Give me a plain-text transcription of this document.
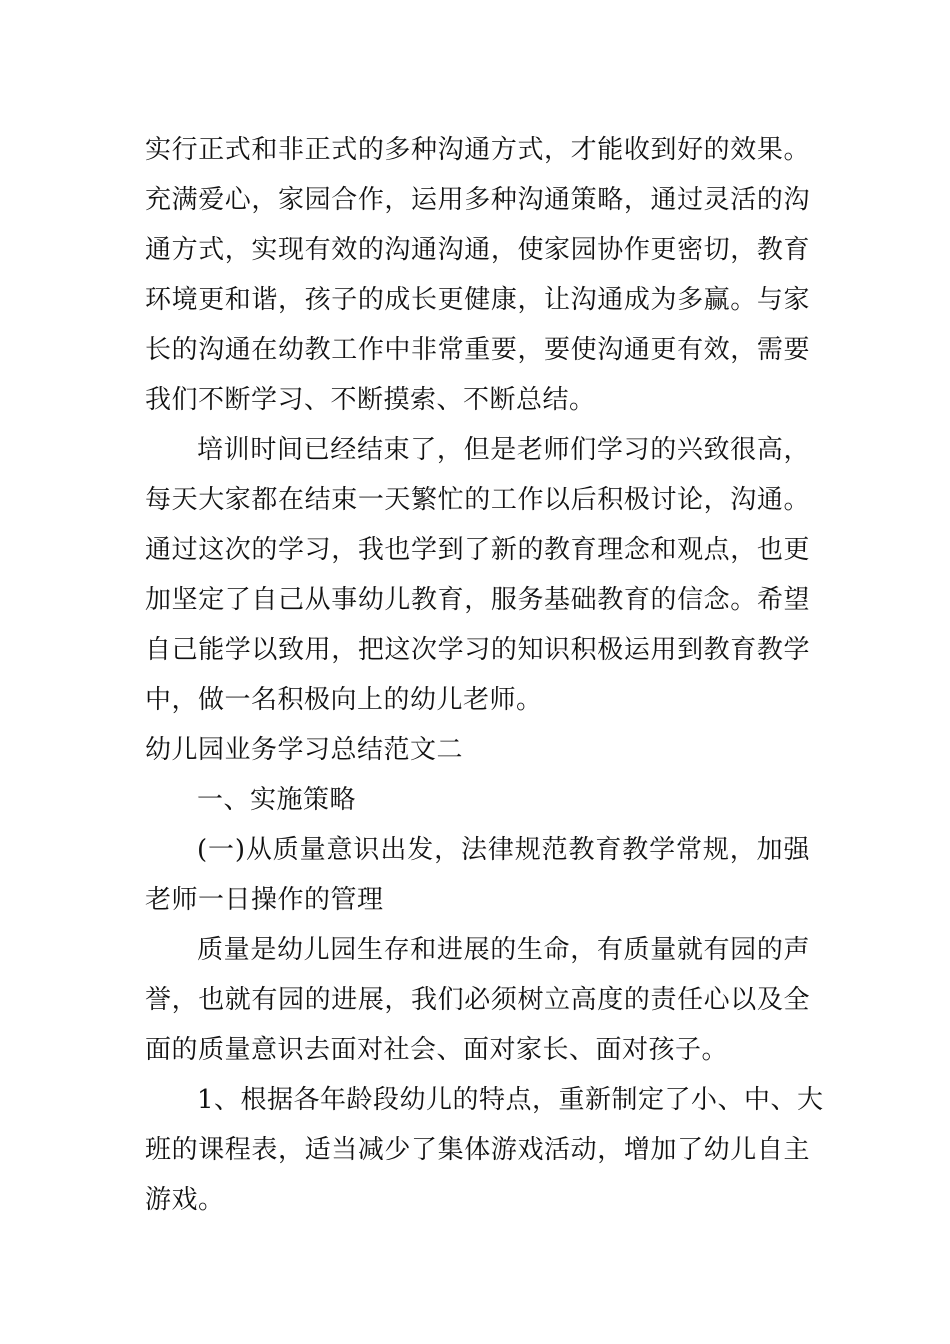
实行正式和非正式的多种沟通方式，才能收到好的效果。
充满爱心，家园合作，运用多种沟通策略，通过灵活的沟
通方式，实现有效的沟通沟通，使家园协作更密切，教育
环境更和谐，孩子的成长更健康，让沟通成为多赢。与家
长的沟通在幼教工作中非常重要，要使沟通更有效，需要
我们不断学习、不断摸索、不断总结。
培训时间已经结束了，但是老师们学习的兴致很高，
每天大家都在结束一天繁忙的工作以后积极讨论，沟通。
通过这次的学习，我也学到了新的教育理念和观点，也更
加坚定了自己从事幼儿教育，服务基础教育的信念。希望
自己能学以致用，把这次学习的知识积极运用到教育教学
中，做一名积极向上的幼儿老师。
幼儿园业务学习总结范文二
一、实施策略
(一)从质量意识出发，法律规范教育教学常规，加强
老师一日操作的管理
质量是幼儿园生存和进展的生命，有质量就有园的声
誉，也就有园的进展，我们必须树立高度的责任心以及全
面的质量意识去面对社会、面对家长、面对孩子。
1、根据各年龄段幼儿的特点，重新制定了小、中、大
班的课程表，适当减少了集体游戏活动，增加了幼儿自主
游戏。
